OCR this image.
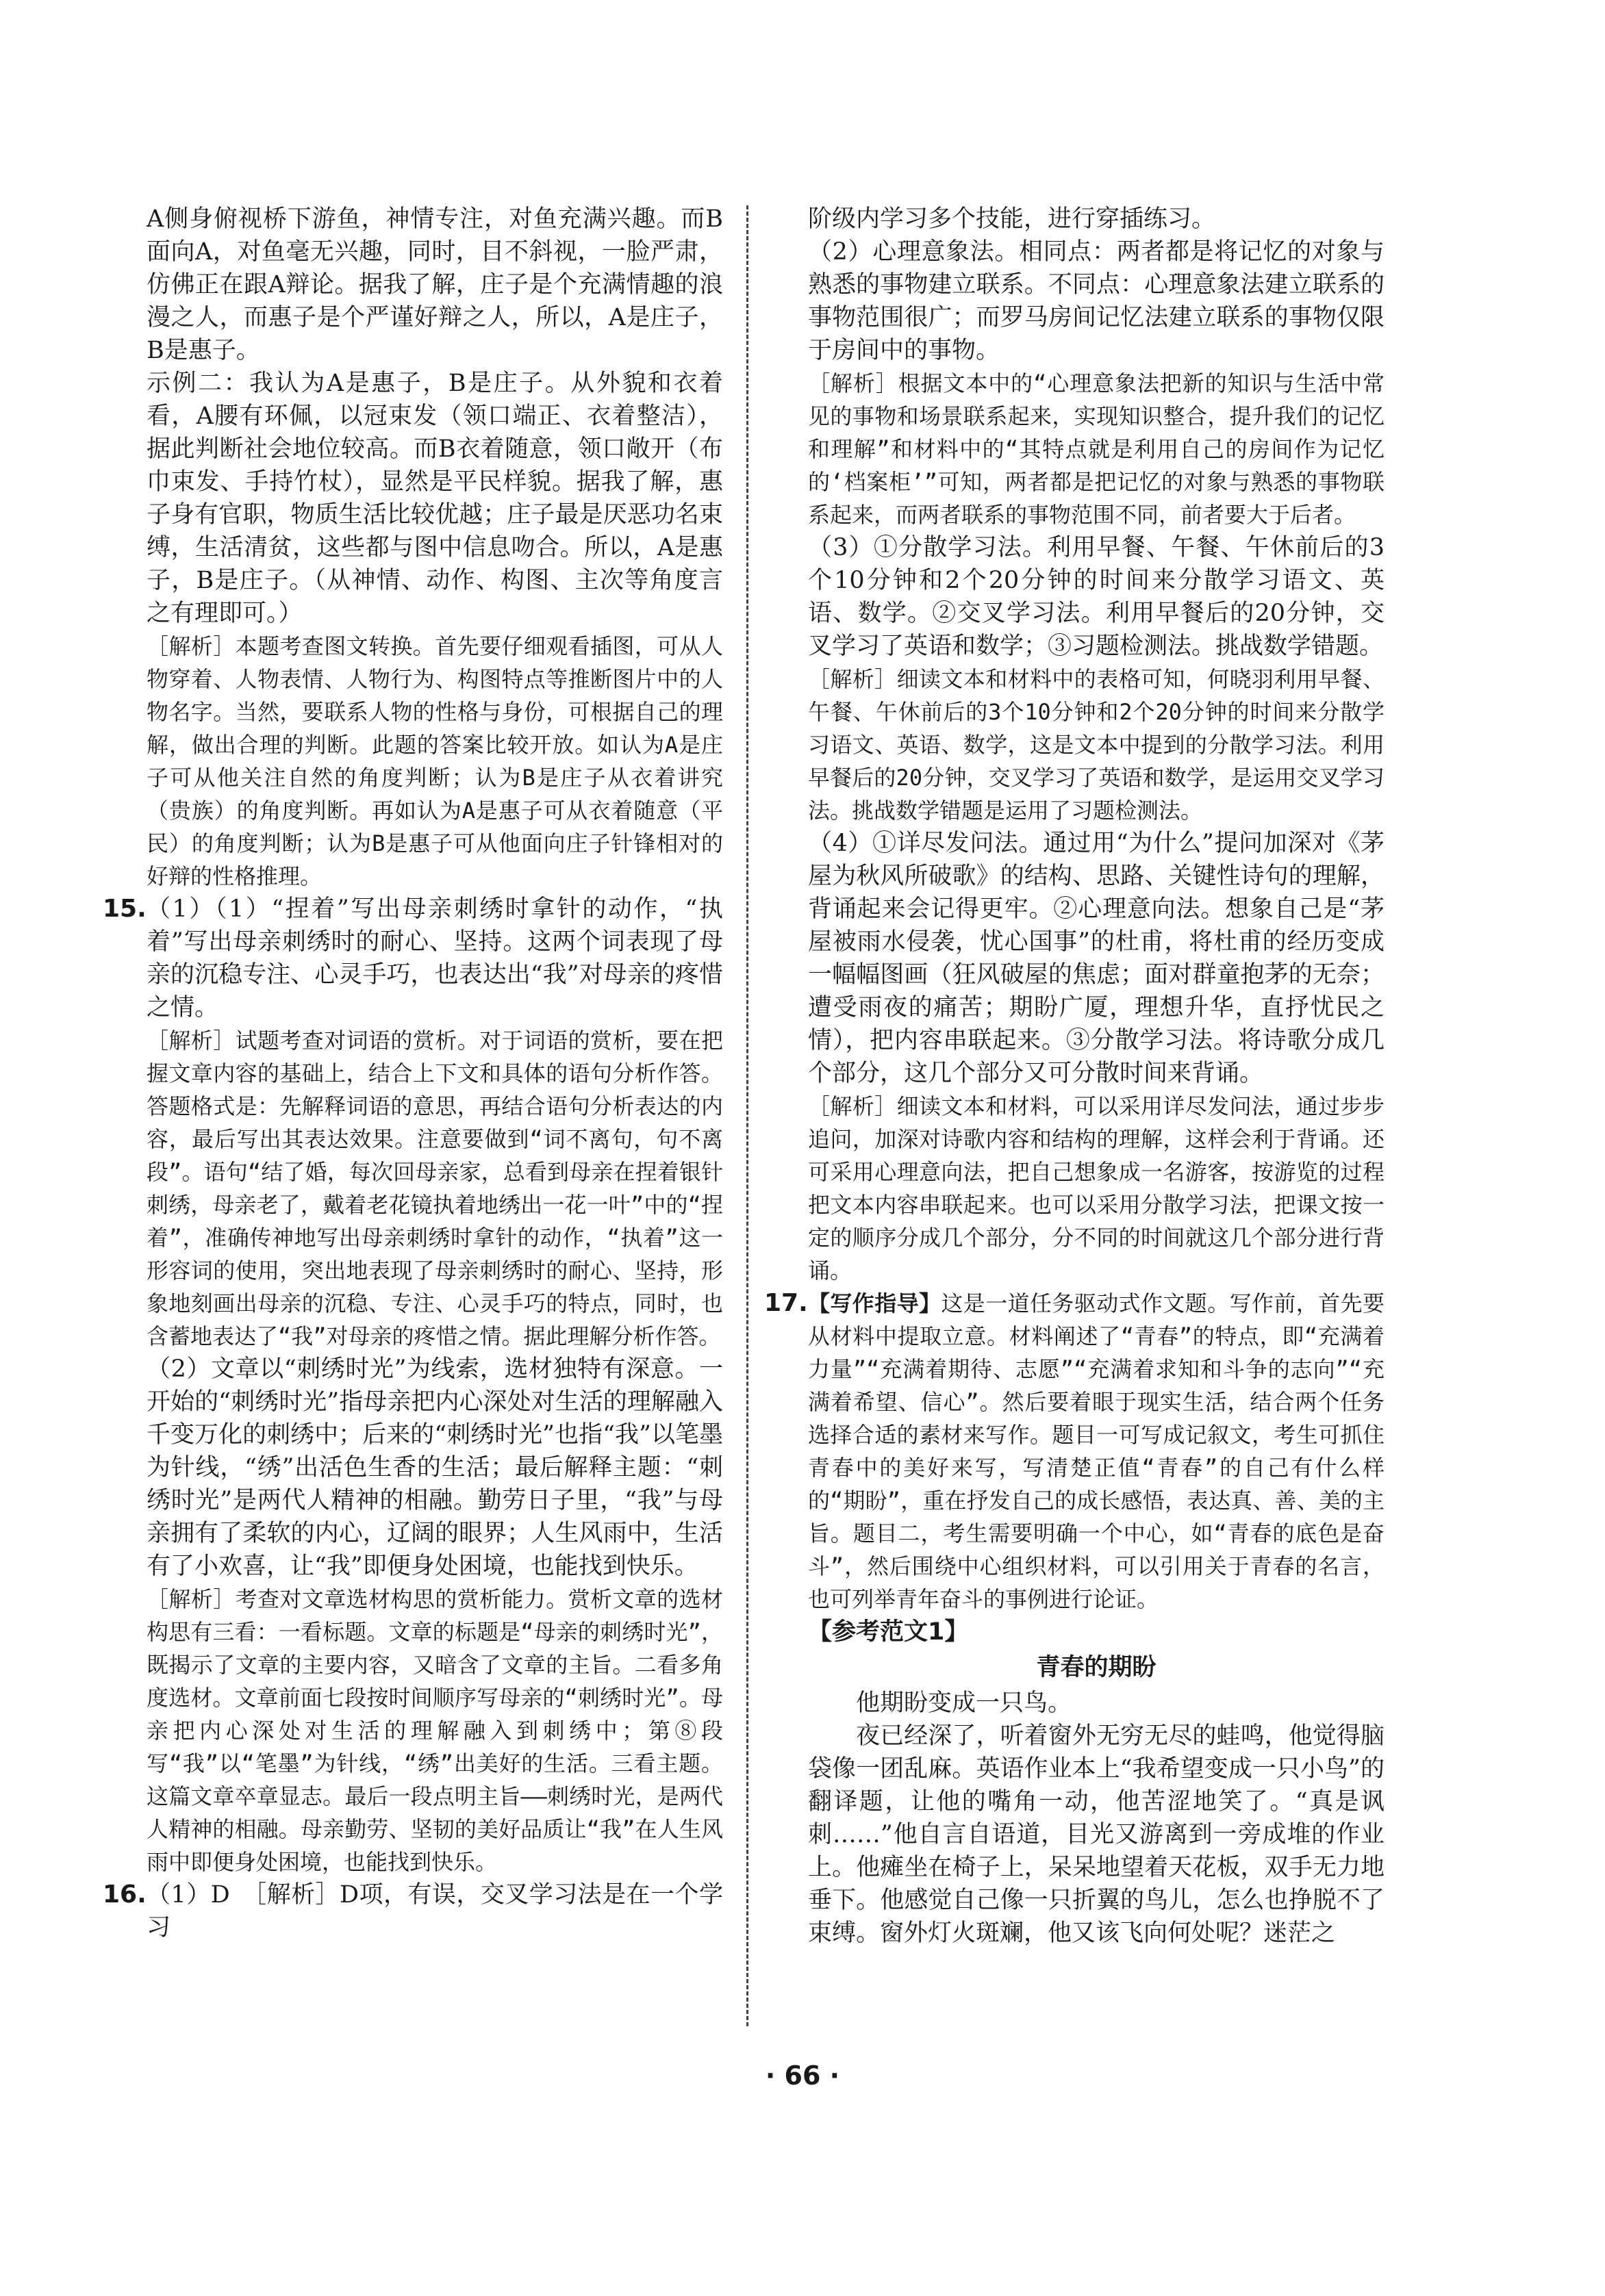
A侧身俯视桥下游鱼，神情专注，对鱼充满兴趣。而B面向A，对鱼毫无兴趣，同时，目不斜视，一脸严肃，仿佛正在跟A辩论。据我了解，庄子是个充满情趣的浪漫之人，而惠子是个严谨好辩之人，所以，A是庄子，B是惠子。

示例二：我认为A是惠子，B是庄子。从外貌和衣着看，A腰有环佩，以冠束发（领口端正、衣着整洁），据此判断社会地位较高。而B衣着随意，领口敞开（布巾束发、手持竹杖），显然是平民样貌。据我了解，惠子身有官职，物质生活比较优越；庄子最是厌恶功名束缚，生活清贫，这些都与图中信息吻合。所以，A是惠子，B是庄子。（从神情、动作、构图、主次等角度言之有理即可。）

［解析］本题考查图文转换。首先要仔细观看插图，可从人物穿着、人物表情、人物行为、构图特点等推断图片中的人物名字。当然，要联系人物的性格与身份，可根据自己的理解，做出合理的判断。此题的答案比较开放。如认为A是庄子可从他关注自然的角度判断；认为B是庄子从衣着讲究（贵族）的角度判断。再如认为A是惠子可从衣着随意（平民）的角度判断；认为B是惠子可从他面向庄子针锋相对的好辩的性格推理。

15. （1）（1）“捏着”写出母亲刺绣时拿针的动作，“执着”写出母亲刺绣时的耐心、坚持。这两个词表现了母亲的沉稳专注、心灵手巧，也表达出“我”对母亲的疼惜之情。

［解析］试题考查对词语的赏析。对于词语的赏析，要在把握文章内容的基础上，结合上下文和具体的语句分析作答。答题格式是：先解释词语的意思，再结合语句分析表达的内容，最后写出其表达效果。注意要做到“词不离句，句不离段”。语句“结了婚，每次回母亲家，总看到母亲在捏着银针刺绣，母亲老了，戴着老花镜执着地绣出一花一叶”中的“捏着”，准确传神地写出母亲刺绣时拿针的动作，“执着”这一形容词的使用，突出地表现了母亲刺绣时的耐心、坚持，形象地刻画出母亲的沉稳、专注、心灵手巧的特点，同时，也含蓄地表达了“我”对母亲的疼惜之情。据此理解分析作答。

（2）文章以“刺绣时光”为线索，选材独特有深意。一开始的“刺绣时光”指母亲把内心深处对生活的理解融入千变万化的刺绣中；后来的“刺绣时光”也指“我”以笔墨为针线，“绣”出活色生香的生活；最后解释主题：“刺绣时光”是两代人精神的相融。勤劳日子里，“我”与母亲拥有了柔软的内心，辽阔的眼界；人生风雨中，生活有了小欢喜，让“我”即便身处困境，也能找到快乐。

［解析］考查对文章选材构思的赏析能力。赏析文章的选材构思有三看：一看标题。文章的标题是“母亲的刺绣时光”，既揭示了文章的主要内容，又暗含了文章的主旨。二看多角度选材。文章前面七段按时间顺序写母亲的“刺绣时光”。母亲把内心深处对生活的理解融入到刺绣中；第⑧段写“我”以“笔墨”为针线，“绣”出美好的生活。三看主题。这篇文章卒章显志。最后一段点明主旨——刺绣时光，是两代人精神的相融。母亲勤劳、坚韧的美好品质让“我”在人生风雨中即便身处困境，也能找到快乐。

16. （1）D　［解析］D项，有误，交叉学习法是在一个学习

阶级内学习多个技能，进行穿插练习。

（2）心理意象法。相同点：两者都是将记忆的对象与熟悉的事物建立联系。不同点：心理意象法建立联系的事物范围很广；而罗马房间记忆法建立联系的事物仅限于房间中的事物。

［解析］根据文本中的“心理意象法把新的知识与生活中常见的事物和场景联系起来，实现知识整合，提升我们的记忆和理解”和材料中的“其特点就是利用自己的房间作为记忆的‘档案柜’”可知，两者都是把记忆的对象与熟悉的事物联系起来，而两者联系的事物范围不同，前者要大于后者。

（3）①分散学习法。利用早餐、午餐、午休前后的3个10分钟和2个20分钟的时间来分散学习语文、英语、数学。②交叉学习法。利用早餐后的20分钟，交叉学习了英语和数学；③习题检测法。挑战数学错题。

［解析］细读文本和材料中的表格可知，何晓羽利用早餐、午餐、午休前后的3个10分钟和2个20分钟的时间来分散学习语文、英语、数学，这是文本中提到的分散学习法。利用早餐后的20分钟，交叉学习了英语和数学，是运用交叉学习法。挑战数学错题是运用了习题检测法。

（4）①详尽发问法。通过用“为什么”提问加深对《茅屋为秋风所破歌》的结构、思路、关键性诗句的理解，背诵起来会记得更牢。②心理意向法。想象自己是“茅屋被雨水侵袭，忧心国事”的杜甫，将杜甫的经历变成一幅幅图画（狂风破屋的焦虑；面对群童抱茅的无奈；遭受雨夜的痛苦；期盼广厦，理想升华，直抒忧民之情），把内容串联起来。③分散学习法。将诗歌分成几个部分，这几个部分又可分散时间来背诵。

［解析］细读文本和材料，可以采用详尽发问法，通过步步追问，加深对诗歌内容和结构的理解，这样会利于背诵。还可采用心理意向法，把自己想象成一名游客，按游览的过程把文本内容串联起来。也可以采用分散学习法，把课文按一定的顺序分成几个部分，分不同的时间就这几个部分进行背诵。

17. 【写作指导】这是一道任务驱动式作文题。写作前，首先要从材料中提取立意。材料阐述了“青春”的特点，即“充满着力量”“充满着期待、志愿”“充满着求知和斗争的志向”“充满着希望、信心”。然后要着眼于现实生活，结合两个任务选择合适的素材来写作。题目一可写成记叙文，考生可抓住青春中的美好来写，写清楚正值“青春”的自己有什么样的“期盼”，重在抒发自己的成长感悟，表达真、善、美的主旨。题目二，考生需要明确一个中心，如“青春的底色是奋斗”，然后围绕中心组织材料，可以引用关于青春的名言，也可列举青年奋斗的事例进行论证。

【参考范文1】

青春的期盼

他期盼变成一只鸟。

夜已经深了，听着窗外无穷无尽的蛙鸣，他觉得脑袋像一团乱麻。英语作业本上“我希望变成一只小鸟”的翻译题，让他的嘴角一动，他苦涩地笑了。“真是讽刺……”他自言自语道，目光又游离到一旁成堆的作业上。他瘫坐在椅子上，呆呆地望着天花板，双手无力地垂下。他感觉自己像一只折翼的鸟儿，怎么也挣脱不了束缚。窗外灯火斑斓，他又该飞向何处呢？迷茫之

· 66 ·
